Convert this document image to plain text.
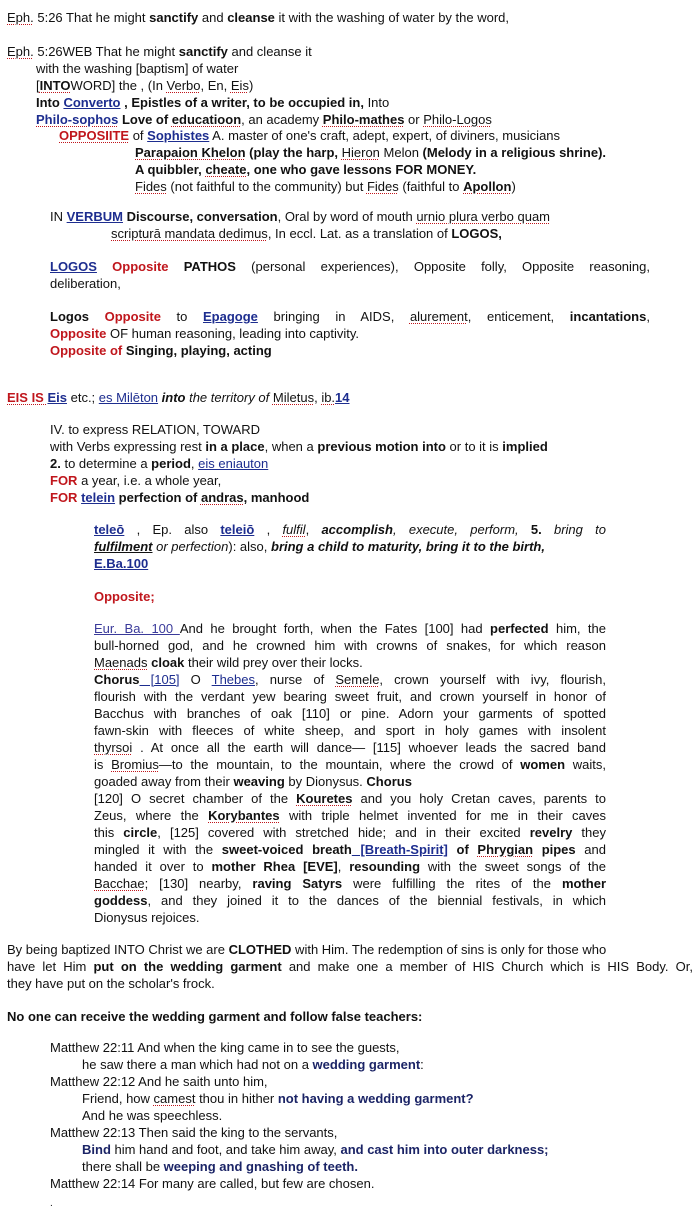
Eph. 5:26 That he might sanctify and cleanse it with the washing of water by the word,
Eph. 5:26WEB That he might sanctify and cleanse it
with the washing [baptism] of water
[INTOWORD] the , (In Verbo, En, Eis)
Into Converto , Epistles of a writer, to be occupied in, Into
Philo-sophos Love of educatioon, an academy Philo-mathes or Philo-Logos
OPPOSIITE of Sophistes A. master of one's craft, adept, expert, of diviners, musicians
Parapaion Khelon (play the harp, Hieron Melon (Melody in a religious shrine).
A quibbler, cheate, one who gave lessons FOR MONEY.
Fides (not faithful to the community) but Fides (faithful to Apollon)
IN VERBUM Discourse, conversation, Oral by word of mouth urnio plura verbo quam
scripturā mandata dedimus, In eccl. Lat. as a translation of LOGOS,
LOGOS Opposite PATHOS (personal experiences), Opposite folly, Opposite reasoning,
deliberation,
Logos Opposite to Epagoge bringing in AIDS, alurement, enticement, incantations,
Opposite OF human reasoning, leading into captivity.
Opposite of Singing, playing, acting
EIS IS Eis etc.; es Milēton into the territory of Miletus, ib.14
IV. to express RELATION, TOWARD
with Verbs expressing rest in a place, when a previous motion into or to it is implied
2. to determine a period, eis eniauton
FOR a year, i.e. a whole year,
FOR telein perfection of andras, manhood
teleō , Ep. also teleiō , fulfil, accomplish, execute, perform, 5. bring to
fulfilment or perfection): also, bring a child to maturity, bring it to the birth,
E.Ba.100
Opposite;
Eur. Ba. 100 And he brought forth, when the Fates [100] had perfected him, the
bull-horned god, and he crowned him with crowns of snakes, for which reason
Maenads cloak their wild prey over their locks.
Chorus [105] O Thebes, nurse of Semele, crown yourself with ivy, flourish,
flourish with the verdant yew bearing sweet fruit, and crown yourself in honor of
Bacchus with branches of oak [110] or pine. Adorn your garments of spotted
fawn-skin with fleeces of white sheep, and sport in holy games with insolent
thyrsoi . At once all the earth will dance— [115] whoever leads the sacred band
is Bromius—to the mountain, to the mountain, where the crowd of women waits,
goaded away from their weaving by Dionysus. Chorus
[120] O secret chamber of the Kouretes and you holy Cretan caves, parents to
Zeus, where the Korybantes with triple helmet invented for me in their caves
this circle, [125] covered with stretched hide; and in their excited revelry they
mingled it with the sweet-voiced breath [Breath-Spirit] of Phrygian pipes and
handed it over to mother Rhea [EVE], resounding with the sweet songs of the
Bacchae; [130] nearby, raving Satyrs were fulfilling the rites of the mother
goddess, and they joined it to the dances of the biennial festivals, in which
Dionysus rejoices.
By being baptized INTO Christ we are CLOTHED with Him. The redemption of sins is only for those who
have let Him put on the wedding garment and make one a member of HIS Church which is HIS Body. Or,
they have put on the scholar's frock.
No one can receive the wedding garment and follow false teachers:
Matthew 22:11 And when the king came in to see the guests,
he saw there a man which had not on a wedding garment:
Matthew 22:12 And he saith unto him,
Friend, how camest thou in hither not having a wedding garment?
And he was speechless.
Matthew 22:13 Then said the king to the servants,
Bind him hand and foot, and take him away, and cast him into outer darkness;
there shall be weeping and gnashing of teeth.
Matthew 22:14 For many are called, but few are chosen.
.
